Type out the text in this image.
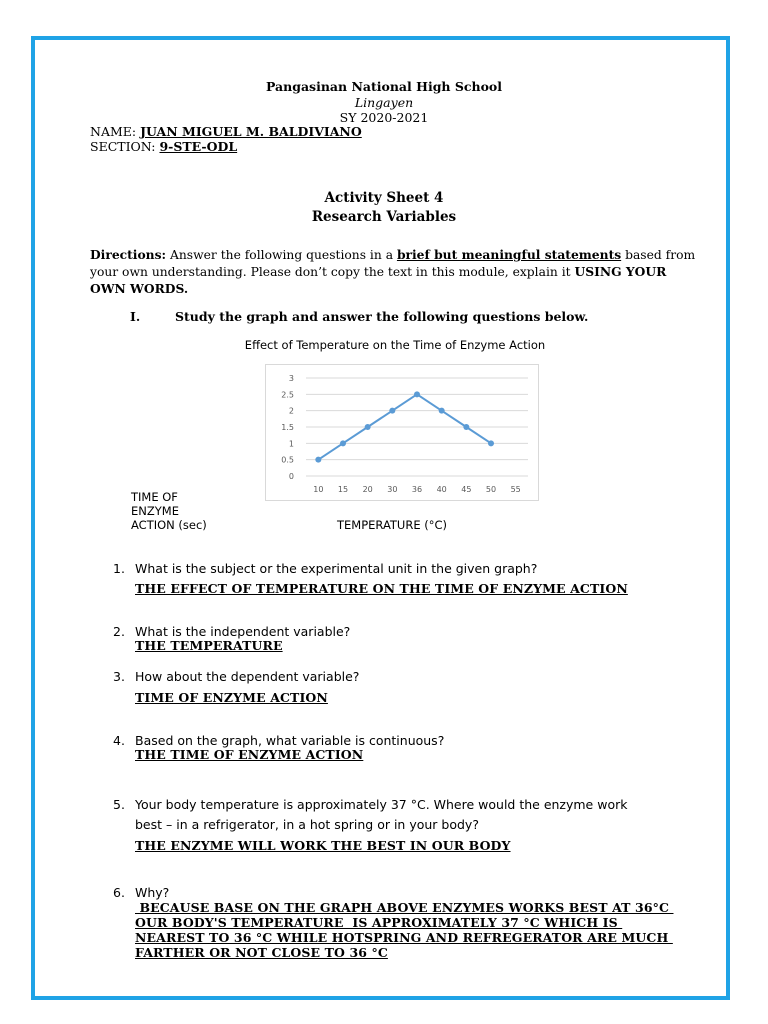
Pangasinan National High School
Lingayen
SY 2020-2021
NAME: JUAN MIGUEL M. BALDIVIANO
SECTION: 9-STE-ODL
Activity Sheet 4
Research Variables
Directions: Answer the following questions in a brief but meaningful statements based from
your own understanding. Please don’t copy the text in this module, explain it USING YOUR
OWN WORDS.
I.	Study the graph and answer the following questions below.
Effect of Temperature on the Time of Enzyme Action
0
0.5
1
1.5
2
2.5
3
10 15 20 30 36 40 45 50 55
TIME OF
ENZYME
ACTION (sec)	TEMPERATURE (°C)
1. What is the subject or the experimental unit in the given graph?
THE EFFECT OF TEMPERATURE ON THE TIME OF ENZYME ACTION
2. What is the independent variable?
THE TEMPERATURE
3. How about the dependent variable?
TIME OF ENZYME ACTION
4. Based on the graph, what variable is continuous?
THE TIME OF ENZYME ACTION
5. Your body temperature is approximately 37 °C. Where would the enzyme work
best – in a refrigerator, in a hot spring or in your body?
THE ENZYME WILL WORK THE BEST IN OUR BODY
6. Why?
BECAUSE BASE ON THE GRAPH ABOVE ENZYMES WORKS BEST AT 36°C
OUR BODY'S TEMPERATURE  IS APPROXIMATELY 37 °C WHICH IS
NEAREST TO 36 °C WHILE HOTSPRING AND REFREGERATOR ARE MUCH
FARTHER OR NOT CLOSE TO 36 °C
